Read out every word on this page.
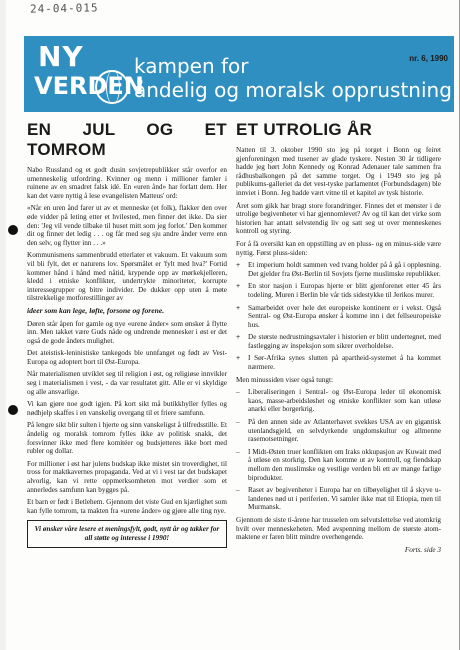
24-04-015
NY
VERDEN
nr. 6, 1990
kampen for
åndelig og moralsk opprustning
EN JUL OG ET TOMROM

Nabo Russland og et godt dusin sovjetrepublikker står overfor en umenneskelig utfordring. Kvinner og menn i millioner famler i ruinene av en smadret falsk idé. En «uren ånd» har forlatt dem. Her kan det være nyttig å lese evangelisten Matteus' ord:

«Når en uren ånd farer ut av et menneske (et folk), flakker den over øde vidder på leting etter et hvilested, men finner det ikke. Da sier den: 'Jeg vil vende tilbake til huset mitt som jeg forlot.' Den kommer dit og finner det ledig . . . og får med seg sju andre ånder verre enn den selv, og flytter inn . . .»

Kommunismens sammenbrudd etterlater et vakuum. Et vakuum som vil bli fylt, det er naturens lov. Spørsmålet er 'fylt med hva?' Fortid kommer hånd i hånd med nåtid, krypende opp av mørkekjelleren, kledd i etniske konflikter, undertrykte minoriteter, korrupte interessegrupper og bitre individer. De dukker opp uten å møte tilstrekkelige motforestillinger av

ideer som kan lege, løfte, forsone og forene.

Døren står åpen for gamle og nye «urene ånder» som ønsker å flytte inn. Men takket være Guds nåde og undrende mennesker i øst er det også de gode ånders mulighet.

Det ateistisk-leninistiske tankegods ble unnfanget og født av Vest-Europa og adoptert bort til Øst-Europa.

Når materialismen utviklet seg til religion i øst, og religiøse innvikler seg i materialismen i vest, - da var resultatet gitt. Alle er vi skyldige og alle ansvarlige.

Vi kan gjøre noe godt igjen. På kort sikt må butikkhyller fylles og nødhjelp skaffes i en vanskelig overgang til et friere samfunn.

På lengre sikt blir sulten i hjerte og sinn vanskeligst å tilfredsstille. Et åndelig og moralsk tomrom fylles ikke av politisk snakk, det forsvinner ikke med flere komitéer og budsjetteres ikke bort med rubler og dollar.

For millioner i øst har julens budskap ikke mistet sin troverdighet, til tross for maktkavernes propaganda. Ved at vi i vest tar det budskapet alvorlig, kan vi rette oppmerksomheten mot verdier som et annerledes samfunn kan bygges på.

Et barn er født i Betlehem. Gjennom det viste Gud en kjærlighet som kan fylle tomrom, ta makten fra «urene ånder» og gjøre alle ting nye.

Vi ønsker våre lesere et meningsfylt, godt, nytt år og takker for all støtte og interesse i 1990!
ET UTROLIG ÅR

Natten til 3. oktober 1990 sto jeg på torget i Bonn og feiret gjenforeningen med tusener av glade tyskere. Nesten 30 år tidligere hadde jeg hørt John Kennedy og Konrad Adenauer tale sammen fra rådhusbalkongen på det samme torget. Og i 1949 sto jeg på publikums-galleriet da det vest-tyske parlamentet (Forbundsdagen) ble innviet i Bonn. Jeg hadde vært vitne til et kapitel av tysk historie.

Året som gikk har bragt store forandringer. Finnes det et mønster i de utrolige begivenheter vi har gjennomlevet? Av og til kan det virke som historien har antatt selvstendig liv og satt seg ut over menneskenes kontroll og styring.

For å fà oversikt kan en oppstilling av en pluss- og en minus-side være nyttig. Først pluss-siden:

+ Et imperium holdt sammen ved tvang holder på å gå i oppløsning. Det gjelder fra Øst-Berlin til Sovjets fjerne muslimske republikker.
+ En stor nasjon i Europas hjerte er blitt gjenforenet etter 45 års todeling. Muren i Berlin ble vår tids sidestykke til Jerikos murer.
+ Samarbeidet over hele det europeiske kontinent er i vekst. Også Sentral- og Øst-Europa ønsker å komme inn i det fellseuropeiske hus.
+ De største nedrustningsavtaler i historien er blitt undertegnet, med fastlegging av inspeksjon som sikrer overholdelse.
+ I Sør-Afrika synes slutten på apartheid-systemet å ha kommet nærmere.

Men minussiden viser også tungt:

– Liberaliseringen i Sentral- og Øst-Europa leder til økonomisk kaos, masse-arbeidsløshet og etniske konflikter som kan utløse anarki eller borgerkrig.
– På den annen side av Atlanterhavet svekkes USA av en gigantisk utenlandsgjeld, en selvdyrkende ungdomskultur og allmenne rasemotsetninger.
– I Midt-Østen truer konflikten om Iraks okkupasjon av Kuwait med å utløse en storkrig. Den kan komme ut av kontroll, og fiendskap mellom den muslimske og vestlige verden bli ett av mange farlige biprodukter.
– Raset av begivenheter i Europa har en tilbøyelighet til å skyve u-landenes nød ut i periferien. Vi samler ikke mat til Etiopia, men til Murmansk.

Gjennom de siste ti-årene har trusselen om selvutslettelse ved atomkrig hvilt over menneskeheten. Med avspenning mellom de største atom-maktene er faren blitt mindre overhengende.

Forts. side 3
